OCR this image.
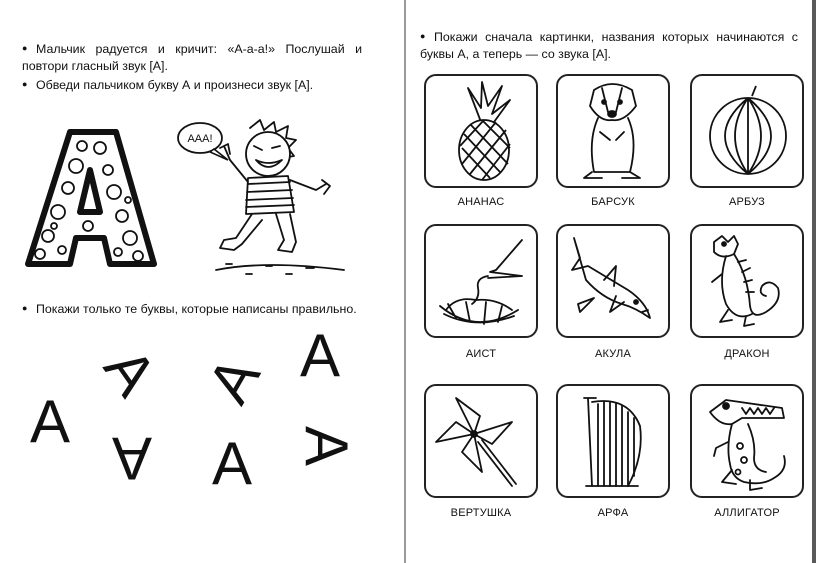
● Мальчик радуется и кричит: «А-а-а!» Послушай и повтори гласный звук [А].

● Обведи пальчиком букву А и произнеси звук [А].

AAA!

● Покажи только те буквы, которые написаны правильно.

A
A
A
A A
A A

● Покажи сначала картинки, названия которых начинаются с буквы А, а теперь — со звука [А].

АНАНАС	БАРСУК	АРБУЗ
АИСТ	АКУЛА	ДРАКОН
ВЕРТУШКА	АРФА	АЛЛИГАТОР
